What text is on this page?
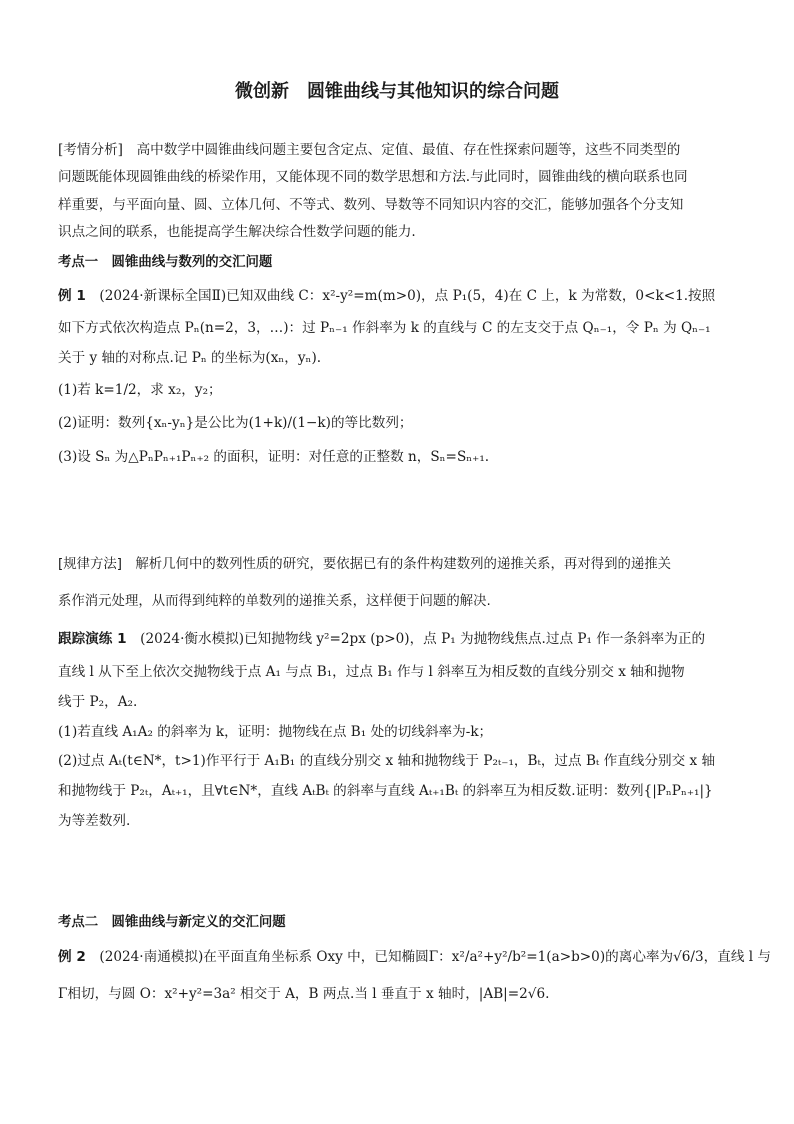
微创新　圆锥曲线与其他知识的综合问题
[考情分析]　高中数学中圆锥曲线问题主要包含定点、定值、最值、存在性探索问题等，这些不同类型的
问题既能体现圆锥曲线的桥梁作用，又能体现不同的数学思想和方法.与此同时，圆锥曲线的横向联系也同
样重要，与平面向量、圆、立体几何、不等式、数列、导数等不同知识内容的交汇，能够加强各个分支知
识点之间的联系，也能提高学生解决综合性数学问题的能力.
考点一　圆锥曲线与数列的交汇问题
例 1　(2024·新课标全国Ⅱ)已知双曲线 C：x²-y²=m(m>0)，点 P₁(5，4)在 C 上，k 为常数，0<k<1.按照
如下方式依次构造点 Pₙ(n=2，3，…)：过 Pₙ₋₁ 作斜率为 k 的直线与 C 的左支交于点 Qₙ₋₁，令 Pₙ 为 Qₙ₋₁
关于 y 轴的对称点.记 Pₙ 的坐标为(xₙ，yₙ).
(1)若 k=1/2，求 x₂，y₂；
(2)证明：数列{xₙ-yₙ}是公比为(1+k)/(1−k)的等比数列；
(3)设 Sₙ 为△PₙPₙ₊₁Pₙ₊₂ 的面积，证明：对任意的正整数 n，Sₙ=Sₙ₊₁.
[规律方法]　解析几何中的数列性质的研究，要依据已有的条件构建数列的递推关系，再对得到的递推关
系作消元处理，从而得到纯粹的单数列的递推关系，这样便于问题的解决.
跟踪演练 1　(2024·衡水模拟)已知抛物线 y²=2px (p>0)，点 P₁ 为抛物线焦点.过点 P₁ 作一条斜率为正的
直线 l 从下至上依次交抛物线于点 A₁ 与点 B₁，过点 B₁ 作与 l 斜率互为相反数的直线分别交 x 轴和抛物
线于 P₂，A₂.
(1)若直线 A₁A₂ 的斜率为 k，证明：抛物线在点 B₁ 处的切线斜率为-k；
(2)过点 Aₜ(t∈N*，t>1)作平行于 A₁B₁ 的直线分别交 x 轴和抛物线于 P₂ₜ₋₁，Bₜ，过点 Bₜ 作直线分别交 x 轴
和抛物线于 P₂ₜ，Aₜ₊₁，且∀t∈N*，直线 AₜBₜ 的斜率与直线 Aₜ₊₁Bₜ 的斜率互为相反数.证明：数列{|PₙPₙ₊₁|}
为等差数列.
考点二　圆锥曲线与新定义的交汇问题
例 2　(2024·南通模拟)在平面直角坐标系 Oxy 中，已知椭圆Γ：x²/a²+y²/b²=1(a>b>0)的离心率为√6/3，直线 l 与
Γ相切，与圆 O：x²+y²=3a² 相交于 A，B 两点.当 l 垂直于 x 轴时，|AB|=2√6.
